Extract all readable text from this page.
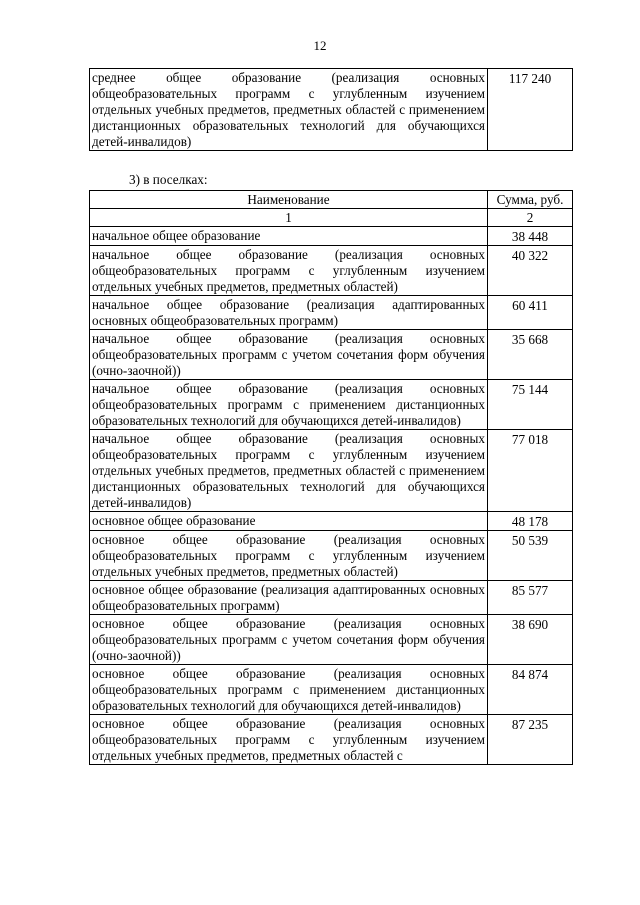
12
среднее общее образование (реализация основных общеобразовательных программ с углубленным изучением отдельных учебных предметов, предметных областей с применением дистанционных образовательных технологий для обучающихся детей-инвалидов)	117 240
3) в поселках:
Наименование	Сумма, руб.
1	2
начальное общее образование	38 448
начальное общее образование (реализация основных общеобразовательных программ с углубленным изучением отдельных учебных предметов, предметных областей)	40 322
начальное общее образование (реализация адаптированных основных общеобразовательных программ)	60 411
начальное общее образование (реализация основных общеобразовательных программ с учетом сочетания форм обучения (очно-заочной))	35 668
начальное общее образование (реализация основных общеобразовательных программ с применением дистанционных образовательных технологий для обучающихся детей-инвалидов)	75 144
начальное общее образование (реализация основных общеобразовательных программ с углубленным изучением отдельных учебных предметов, предметных областей с применением дистанционных образовательных технологий для обучающихся детей-инвалидов)	77 018
основное общее образование	48 178
основное общее образование (реализация основных общеобразовательных программ с углубленным изучением отдельных учебных предметов, предметных областей)	50 539
основное общее образование (реализация адаптированных основных общеобразовательных программ)	85 577
основное общее образование (реализация основных общеобразовательных программ с учетом сочетания форм обучения (очно-заочной))	38 690
основное общее образование (реализация основных общеобразовательных программ с применением дистанционных образовательных технологий для обучающихся детей-инвалидов)	84 874
основное общее образование (реализация основных общеобразовательных программ с углубленным изучением отдельных учебных предметов, предметных областей с	87 235
